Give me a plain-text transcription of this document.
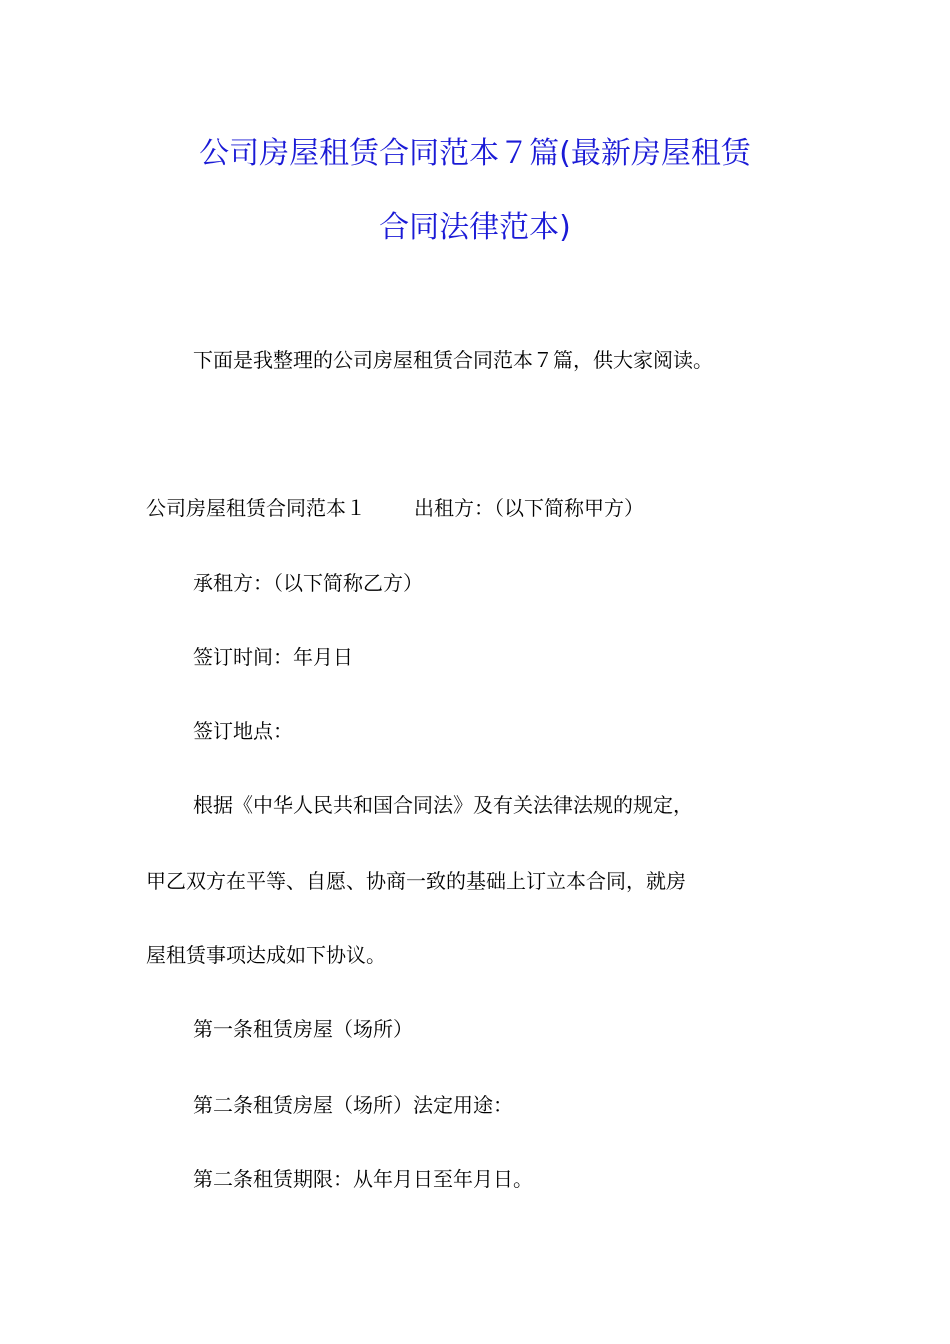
公司房屋租赁合同范本７篇(最新房屋租赁
合同法律范本)
下面是我整理的公司房屋租赁合同范本７篇，供大家阅读。
公司房屋租赁合同范本１ 出租方：（以下简称甲方）
承租方：（以下简称乙方）
签订时间：年月日
签订地点：
根据《中华人民共和国合同法》及有关法律法规的规定，
甲乙双方在平等、自愿、协商一致的基础上订立本合同，就房
屋租赁事项达成如下协议。
第一条租赁房屋（场所）
第二条租赁房屋（场所）法定用途：
第二条租赁期限：从年月日至年月日。
